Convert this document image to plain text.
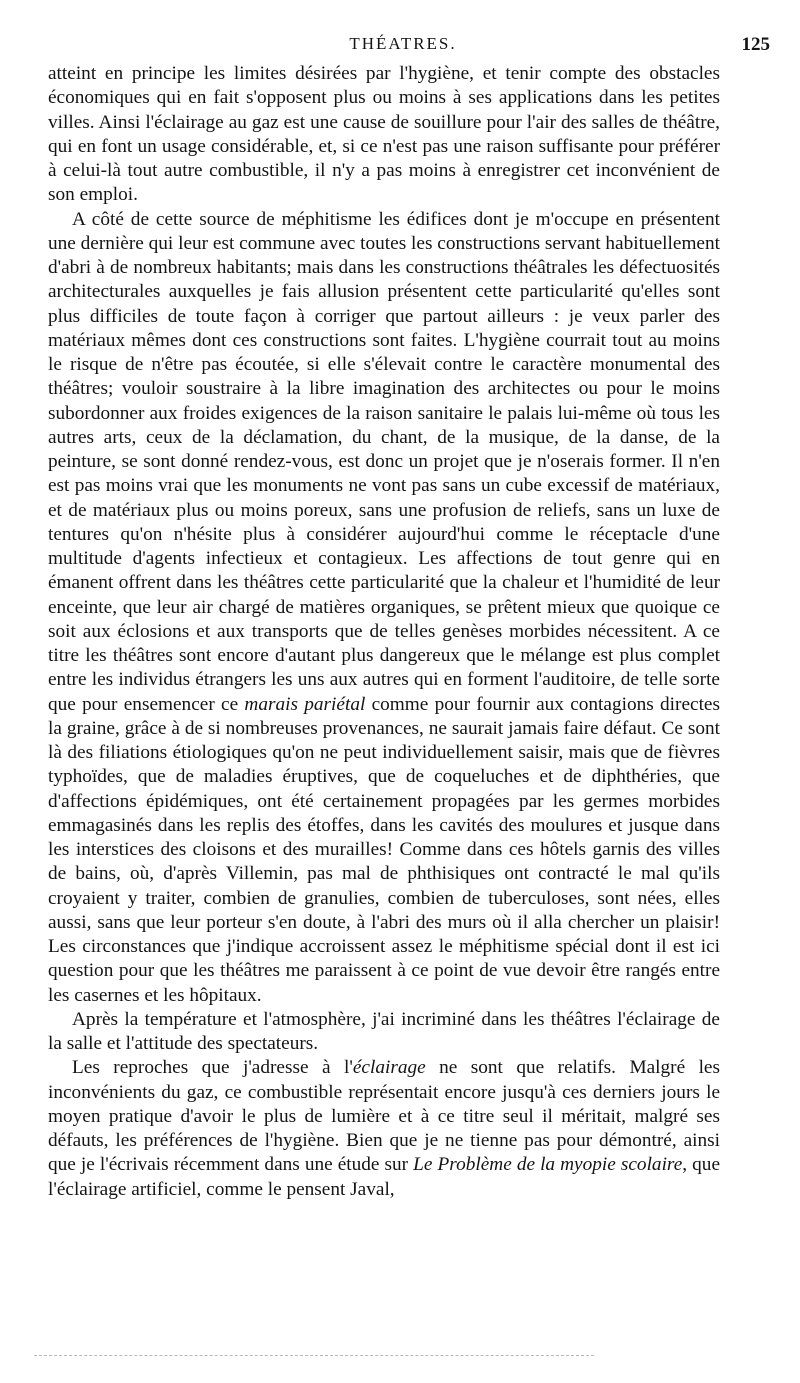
THÉATRES.	125

atteint en principe les limites désirées par l'hygiène, et tenir compte des obstacles économiques qui en fait s'opposent plus ou moins à ses applications dans les petites villes. Ainsi l'éclairage au gaz est une cause de souillure pour l'air des salles de théâtre, qui en font un usage considérable, et, si ce n'est pas une raison suffisante pour préférer à celui-là tout autre combustible, il n'y a pas moins à enregistrer cet inconvénient de son emploi.

A côté de cette source de méphitisme les édifices dont je m'occupe en présentent une dernière qui leur est commune avec toutes les constructions servant habituellement d'abri à de nombreux habitants; mais dans les constructions théâtrales les défectuosités architecturales auxquelles je fais allusion présentent cette particularité qu'elles sont plus difficiles de toute façon à corriger que partout ailleurs : je veux parler des matériaux mêmes dont ces constructions sont faites. L'hygiène courrait tout au moins le risque de n'être pas écoutée, si elle s'élevait contre le caractère monumental des théâtres; vouloir soustraire à la libre imagination des architectes ou pour le moins subordonner aux froides exigences de la raison sanitaire le palais lui-même où tous les autres arts, ceux de la déclamation, du chant, de la musique, de la danse, de la peinture, se sont donné rendez-vous, est donc un projet que je n'oserais former. Il n'en est pas moins vrai que les monuments ne vont pas sans un cube excessif de matériaux, et de matériaux plus ou moins poreux, sans une profusion de reliefs, sans un luxe de tentures qu'on n'hésite plus à considérer aujourd'hui comme le réceptacle d'une multitude d'agents infectieux et contagieux. Les affections de tout genre qui en émanent offrent dans les théâtres cette particularité que la chaleur et l'humidité de leur enceinte, que leur air chargé de matières organiques, se prêtent mieux que quoique ce soit aux éclosions et aux transports que de telles genèses morbides nécessitent. A ce titre les théâtres sont encore d'autant plus dangereux que le mélange est plus complet entre les individus étrangers les uns aux autres qui en forment l'auditoire, de telle sorte que pour ensemencer ce marais pariétal comme pour fournir aux contagions directes la graine, grâce à de si nombreuses provenances, ne saurait jamais faire défaut. Ce sont là des filiations étiologiques qu'on ne peut individuellement saisir, mais que de fièvres typhoïdes, que de maladies éruptives, que de coqueluches et de diphthéries, que d'affections épidémiques, ont été certainement propagées par les germes morbides emmagasinés dans les replis des étoffes, dans les cavités des moulures et jusque dans les interstices des cloisons et des murailles! Comme dans ces hôtels garnis des villes de bains, où, d'après Villemin, pas mal de phthisiques ont contracté le mal qu'ils croyaient y traiter, combien de granulies, combien de tuberculoses, sont nées, elles aussi, sans que leur porteur s'en doute, à l'abri des murs où il alla chercher un plaisir! Les circonstances que j'indique accroissent assez le méphitisme spécial dont il est ici question pour que les théâtres me paraissent à ce point de vue devoir être rangés entre les casernes et les hôpitaux.

Après la température et l'atmosphère, j'ai incriminé dans les théâtres l'éclairage de la salle et l'attitude des spectateurs.

Les reproches que j'adresse à l'éclairage ne sont que relatifs. Malgré les inconvénients du gaz, ce combustible représentait encore jusqu'à ces derniers jours le moyen pratique d'avoir le plus de lumière et à ce titre seul il méritait, malgré ses défauts, les préférences de l'hygiène. Bien que je ne tienne pas pour démontré, ainsi que je l'écrivais récemment dans une étude sur Le Problème de la myopie scolaire, que l'éclairage artificiel, comme le pensent Javal,
